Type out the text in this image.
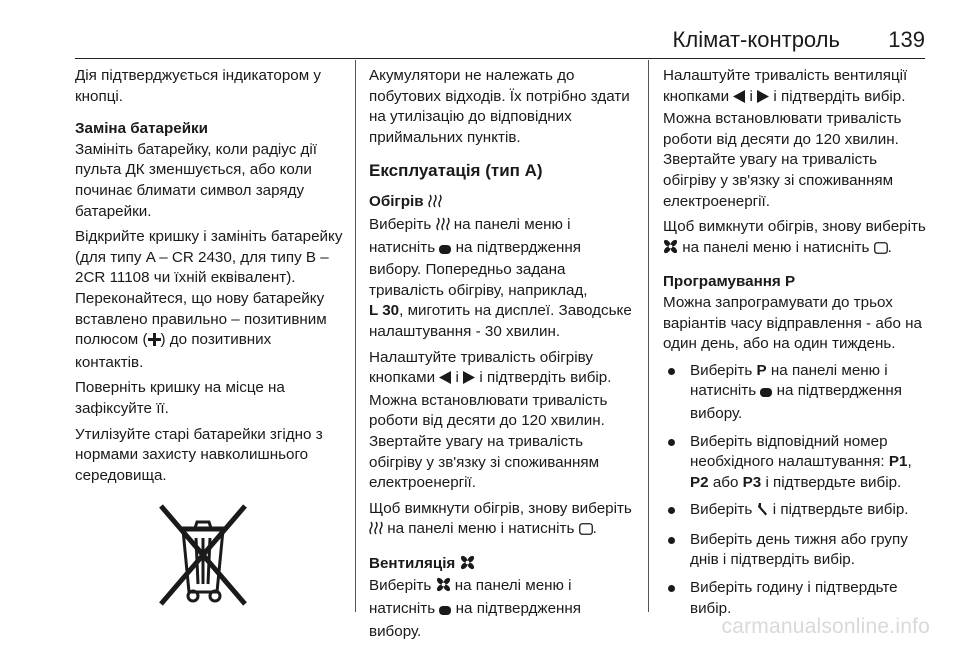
Клімат-контроль 139

Дія підтверджується індикатором у кнопці.

Заміна батарейки

Замініть батарейку, коли радіус дії пульта ДК зменшується, або коли починає блимати символ заряду батарейки.

Відкрийте кришку і замініть батарейку (для типу A – CR 2430, для типу B – 2CR 11108 чи їхній еквівалент). Переконайтеся, що нову батарейку вставлено правильно – позитивним полюсом ( ) до позитивних контактів.

Поверніть кришку на місце на зафіксуйте її.

Утилізуйте старі батарейки згідно з нормами захисту навколишнього середовища.

Акумулятори не належать до побутових відходів. Їх потрібно здати на утилізацію до відповідних приймальних пунктів.

Експлуатація (тип A)

Обігрів

Виберіть на панелі меню і натисніть на підтвердження вибору. Попередньо задана тривалість обігріву, наприклад,
L 30, миготить на дисплеї. Заводське налаштування - 30 хвилин.

Налаштуйте тривалість обігріву кнопками і і підтвердіть вибір. Можна встановлювати тривалість роботи від десяти до 120 хвилин. Звертайте увагу на тривалість обігріву у зв'язку зі споживанням електроенергії.

Щоб вимкнути обігрів, знову виберіть  на панелі меню і натисніть .

Вентиляція

Виберіть на панелі меню і натисніть на підтвердження вибору.

Налаштуйте тривалість вентиляції кнопками і і підтвердіть вибір. Можна встановлювати тривалість роботи від десяти до 120 хвилин. Звертайте увагу на тривалість обігріву у зв'язку зі споживанням електроенергії.

Щоб вимкнути обігрів, знову виберіть  на панелі меню і натисніть .

Програмування P

Можна запрограмувати до трьох варіантів часу відправлення - або на один день, або на один тиждень.

Виберіть P на панелі меню і натисніть на підтвердження вибору.
Виберіть відповідний номер необхідного налаштування: P1, P2 або P3 і підтвердьте вибір.
Виберіть і підтвердьте вибір.
Виберіть день тижня або групу днів і підтвердіть вибір.
Виберіть годину і підтвердьте вибір.
carmanualsonline.info
